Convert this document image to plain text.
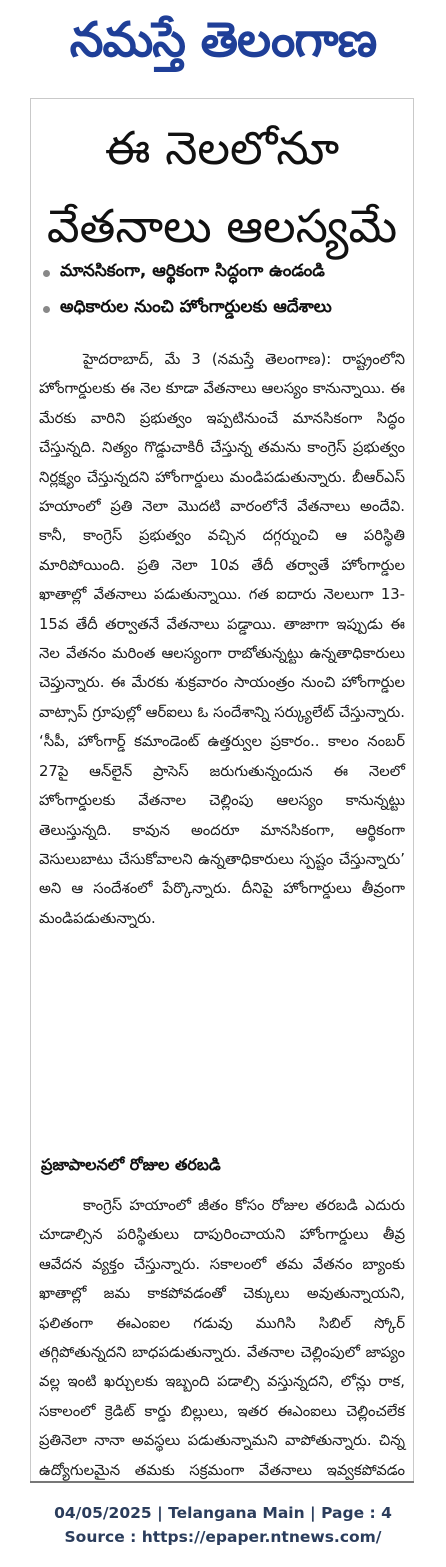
నమస్తే తెలంగాణ
ఈ నెలలోనూ
వేతనాలు ఆలస్యమే
మానసికంగా, ఆర్థికంగా సిద్ధంగా ఉండండి
అధికారుల నుంచి హోంగార్డులకు ఆదేశాలు

హైదరాబాద్, మే 3 (నమస్తే తెలంగాణ): రాష్ట్రంలోని హోంగార్డులకు ఈ నెల కూడా వేతనాలు ఆలస్యం కానున్నాయి. ఈ మేరకు వారిని ప్రభుత్వం ఇప్పటినుంచే మానసికంగా సిద్ధం చేస్తున్నది. నిత్యం గొడ్డుచాకిరీ చేస్తున్న తమను కాంగ్రెస్ ప్రభుత్వం నిర్లక్ష్యం చేస్తున్నదని హోంగార్డులు మండిపడుతున్నారు. బీఆర్ఎస్ హయాంలో ప్రతి నెలా మొదటి వారంలోనే వేతనాలు అందేవి. కానీ, కాంగ్రెస్ ప్రభుత్వం వచ్చిన దగ్గర్నుంచి ఆ పరిస్థితి మారిపోయింది. ప్రతి నెలా 10వ తేదీ తర్వాతే హోంగార్డుల ఖాతాల్లో వేతనాలు పడుతున్నాయి. గత ఐదారు నెలలుగా 13-15వ తేదీ తర్వాతనే వేతనాలు పడ్డాయి. తాజాగా ఇప్పుడు ఈ నెల వేతనం మరింత ఆలస్యంగా రాబోతున్నట్టు ఉన్నతాధికారులు చెప్తున్నారు. ఈ మేరకు శుక్రవారం సాయంత్రం నుంచి హోంగార్డుల వాట్సాప్ గ్రూపుల్లో ఆర్ఐలు ఓ సందేశాన్ని సర్క్యులేట్ చేస్తున్నారు. ‘సీపీ, హోంగార్డ్ కమాండెంట్ ఉత్తర్వుల ప్రకారం.. కాలం నంబర్ 27పై ఆన్‌లైన్ ప్రాసెస్ జరుగుతున్నందున ఈ నెలలో హోంగార్డులకు వేతనాల చెల్లింపు ఆలస్యం కానున్నట్టు తెలుస్తున్నది. కావున అందరూ మానసికంగా, ఆర్థికంగా వెసులుబాటు చేసుకోవాలని ఉన్నతాధికారులు స్పష్టం చేస్తున్నారు’ అని ఆ సందేశంలో పేర్కొన్నారు. దీనిపై హోంగార్డులు తీవ్రంగా మండిపడుతున్నారు.

ప్రజాపాలనలో రోజుల తరబడి

కాంగ్రెస్ హయాంలో జీతం కోసం రోజుల తరబడి ఎదురు చూడాల్సిన పరిస్థితులు దాపురించాయని హోంగార్డులు తీవ్ర ఆవేదన వ్యక్తం చేస్తున్నారు. సకాలంలో తమ వేతనం బ్యాంకు ఖాతాల్లో జమ కాకపోవడంతో చెక్కులు అవుతున్నాయని, ఫలితంగా ఈఎంఐల గడువు ముగిసి సిబిల్ స్కోర్ తగ్గిపోతున్నదని బాధపడుతున్నారు. వేతనాల చెల్లింపులో జాప్యం వల్ల ఇంటి ఖర్చులకు ఇబ్బంది పడాల్సి వస్తున్నదని, లోన్లు రాక, సకాలంలో క్రెడిట్ కార్డు బిల్లులు, ఇతర ఈఎంఐలు చెల్లించలేక ప్రతినెలా నానా అవస్థలు పడుతున్నామని వాపోతున్నారు. చిన్న ఉద్యోగులమైన తమకు సక్రమంగా వేతనాలు ఇవ్వకపోవడం

04/05/2025 | Telangana Main | Page : 4
Source : https://epaper.ntnews.com/
